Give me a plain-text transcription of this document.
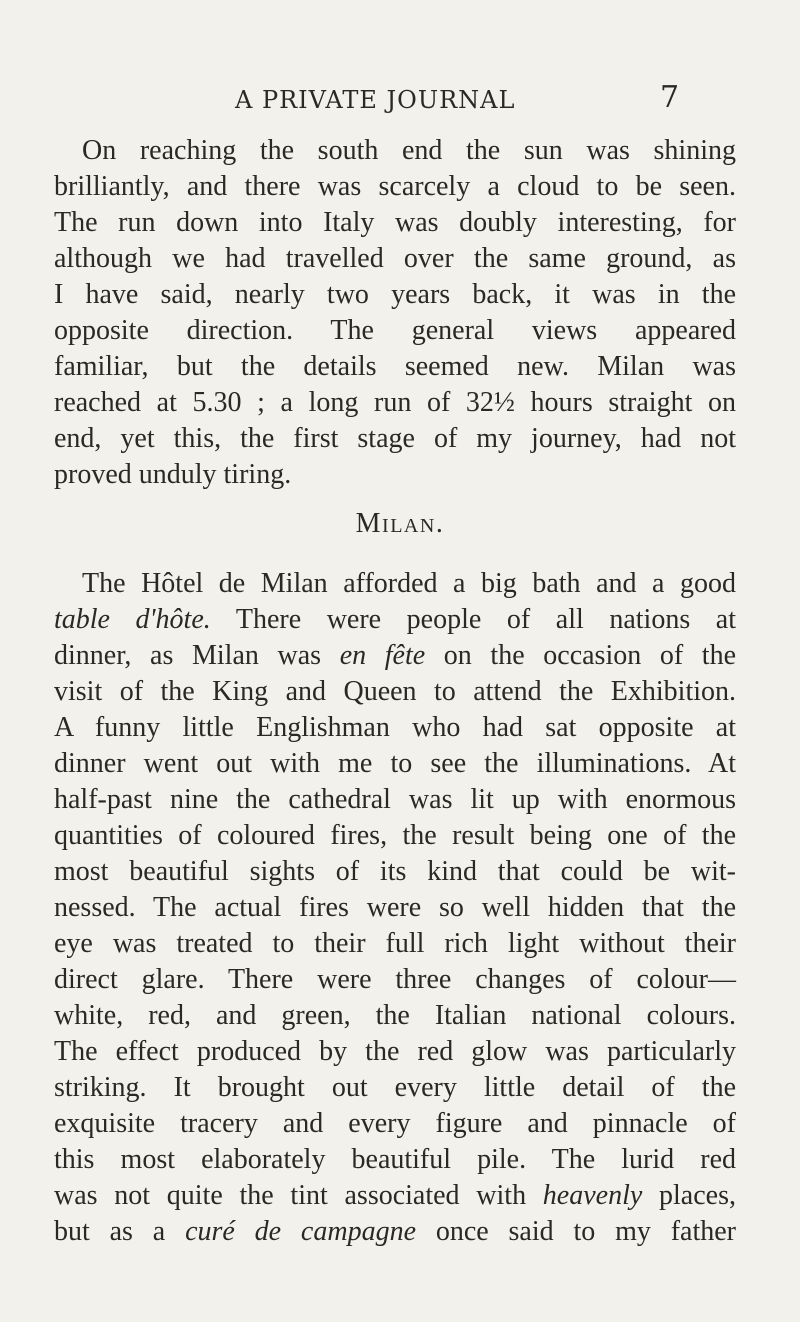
A PRIVATE JOURNAL	7
On reaching the south end the sun was shining
brilliantly, and there was scarcely a cloud to be seen.
The run down into Italy was doubly interesting, for
although we had travelled over the same ground, as
I have said, nearly two years back, it was in the
opposite direction. The general views appeared
familiar, but the details seemed new. Milan was
reached at 5.30 ; a long run of 32½ hours straight on
end, yet this, the first stage of my journey, had not
proved unduly tiring.
Milan.
The Hôtel de Milan afforded a big bath and a good
table d'hôte. There were people of all nations at
dinner, as Milan was en fête on the occasion of the
visit of the King and Queen to attend the Exhibition.
A funny little Englishman who had sat opposite at
dinner went out with me to see the illuminations. At
half-past nine the cathedral was lit up with enormous
quantities of coloured fires, the result being one of the
most beautiful sights of its kind that could be wit-
nessed. The actual fires were so well hidden that the
eye was treated to their full rich light without their
direct glare. There were three changes of colour—
white, red, and green, the Italian national colours.
The effect produced by the red glow was particularly
striking. It brought out every little detail of the
exquisite tracery and every figure and pinnacle of
this most elaborately beautiful pile. The lurid red
was not quite the tint associated with heavenly places,
but as a curé de campagne once said to my father
